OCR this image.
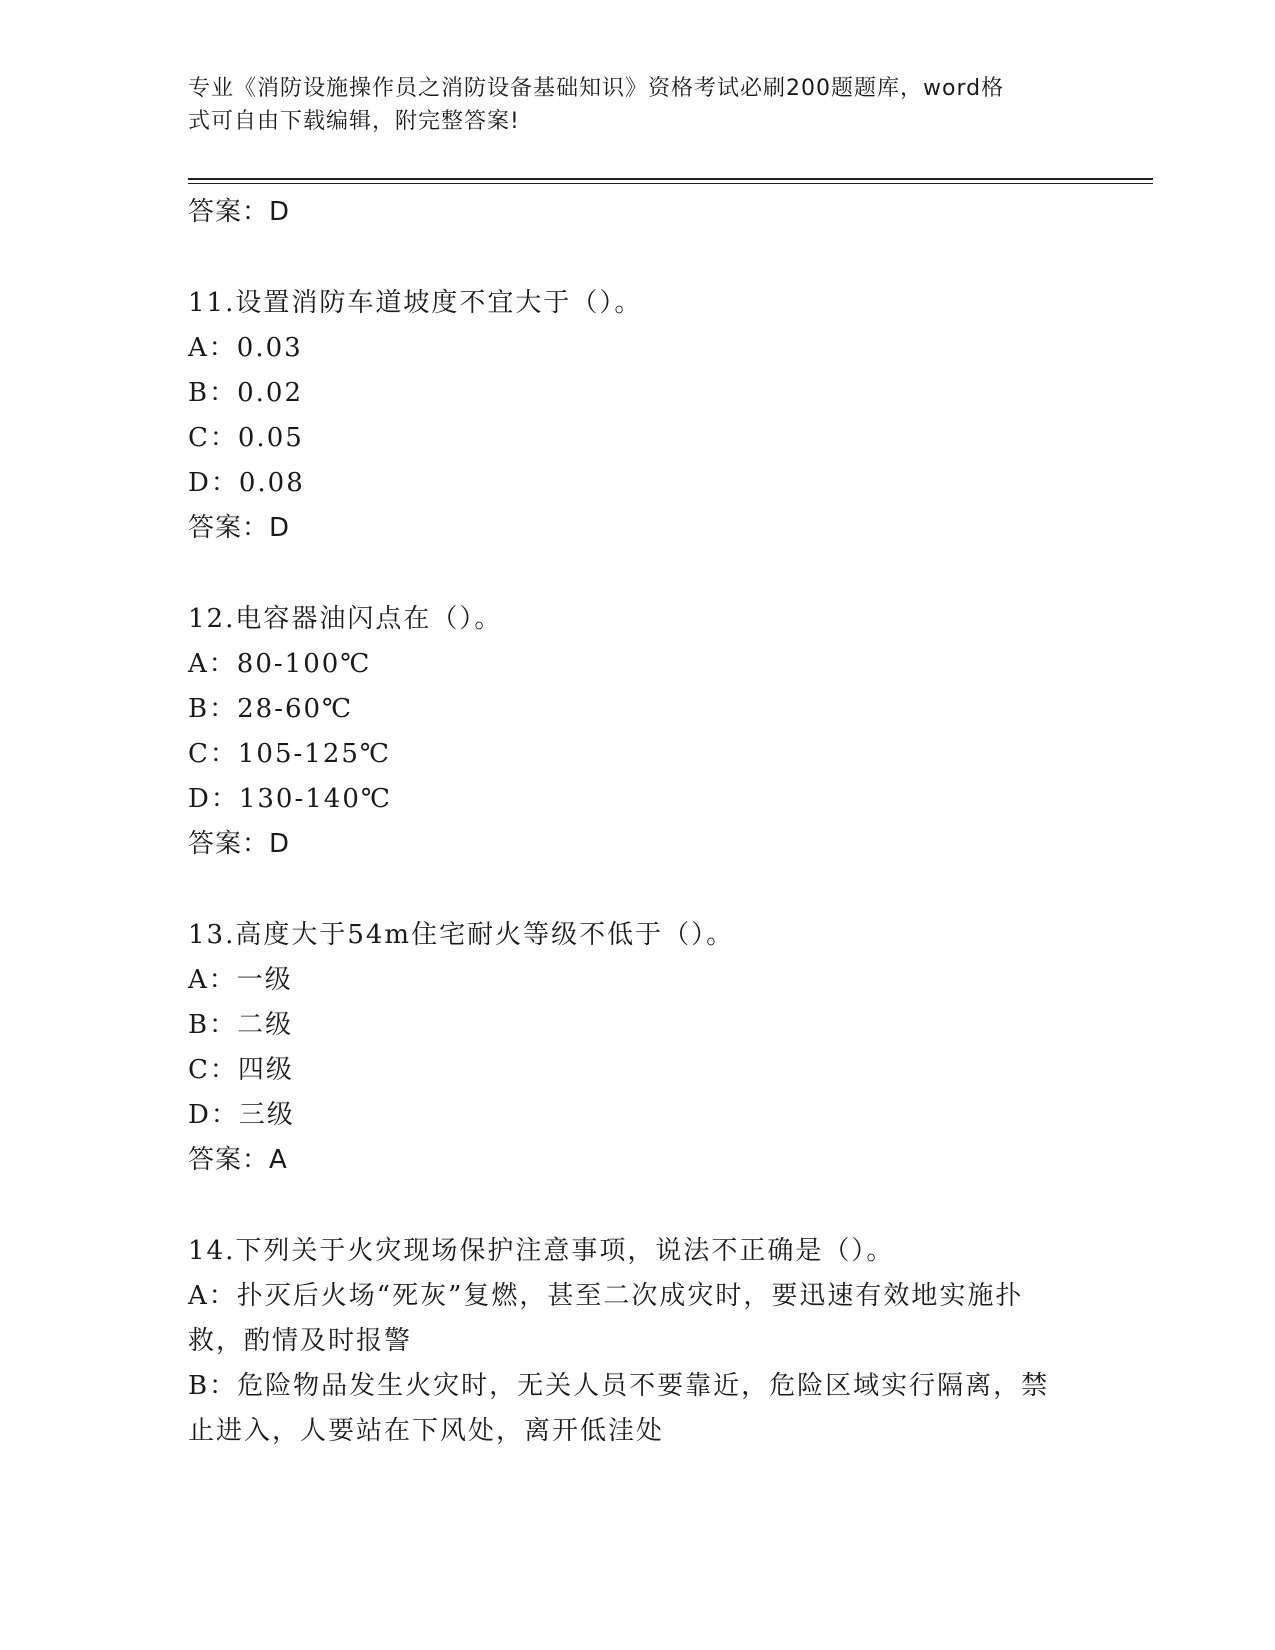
专业《消防设施操作员之消防设备基础知识》资格考试必刷200题题库，word格
式可自由下载编辑，附完整答案!
答案：D
11.设置消防车道坡度不宜大于（）。
A：0.03
B：0.02
C：0.05
D：0.08
答案：D
12.电容器油闪点在（）。
A：80-100℃
B：28-60℃
C：105-125℃
D：130-140℃
答案：D
13.高度大于54m住宅耐火等级不低于（）。
A：一级
B：二级
C：四级
D：三级
答案：A
14.下列关于火灾现场保护注意事项，说法不正确是（）。
A：扑灭后火场“死灰”复燃，甚至二次成灾时，要迅速有效地实施扑救，酌情及时报警
B：危险物品发生火灾时，无关人员不要靠近，危险区域实行隔离，禁止进入，人要站在下风处，离开低洼处
